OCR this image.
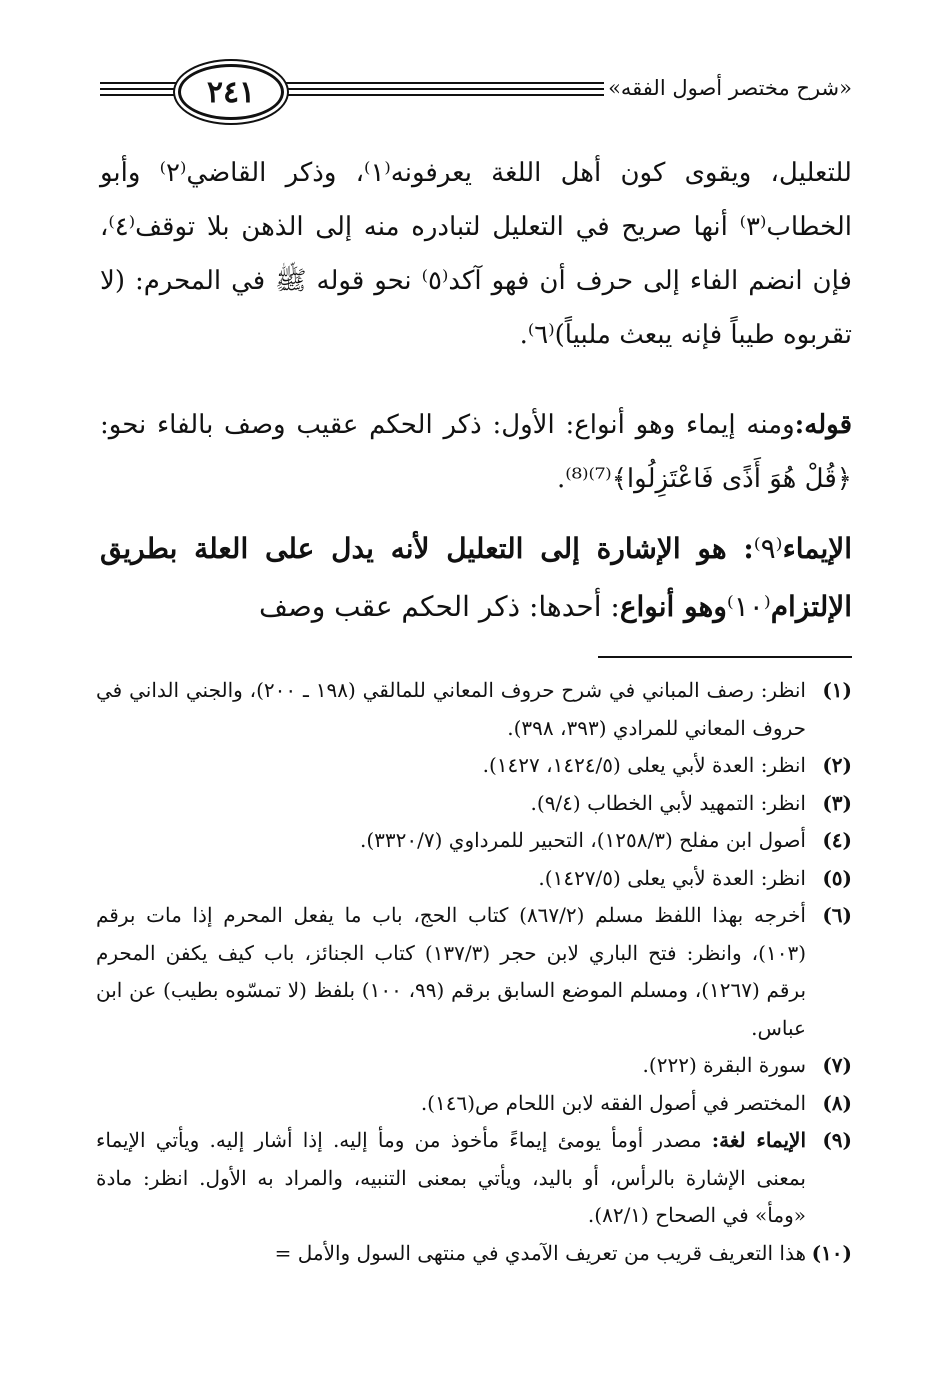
٢٤١	«شرح مختصر أصول الفقه»

للتعليل، ويقوى كون أهل اللغة يعرفونه⁽١⁾، وذكر القاضي⁽٢⁾ وأبو الخطاب⁽٣⁾ أنها صريح في التعليل لتبادره منه إلى الذهن بلا توقف⁽٤⁾، فإن انضم الفاء إلى حرف أن فهو آكد⁽٥⁾ نحو قوله ﷺ في المحرم: (لا تقربوه طيباً فإنه يبعث ملبياً)⁽٦⁾.

قوله:ومنه إيماء وهو أنواع: الأول: ذكر الحكم عقيب وصف بالفاء نحو: ﴿قُلْ هُوَ أَذًى فَاعْتَزِلُوا﴾⁽⁷⁾⁽⁸⁾.

الإيماء⁽٩⁾: هو الإشارة إلى التعليل لأنه يدل على العلة بطريق الإلتزام⁽١٠⁾وهو أنواع: أحدها: ذكر الحكم عقب وصف

(١)
انظر: رصف المباني في شرح حروف المعاني للمالقي (١٩٨ ـ ٢٠٠)، والجني الداني في حروف المعاني للمرادي (٣٩٣، ٣٩٨).
(٢)
انظر: العدة لأبي يعلى (١٤٢٤/٥، ١٤٢٧).
(٣)
انظر: التمهيد لأبي الخطاب (٩/٤).
(٤)
أصول ابن مفلح (١٢٥٨/٣)، التحبير للمرداوي (٣٣٢٠/٧).
(٥)
انظر: العدة لأبي يعلى (١٤٢٧/٥).
(٦)
أخرجه بهذا اللفظ مسلم (٨٦٧/٢) كتاب الحج، باب ما يفعل المحرم إذا مات برقم (١٠٣)، وانظر: فتح الباري لابن حجر (١٣٧/٣) كتاب الجنائز، باب كيف يكفن المحرم برقم (١٢٦٧)، ومسلم الموضع السابق برقم (٩٩، ١٠٠) بلفظ (لا تمسّوه بطيب) عن ابن عباس.
(٧)
سورة البقرة (٢٢٢).
(٨)
المختصر في أصول الفقه لابن اللحام ص(١٤٦).
(٩)
الإيماء لغة: مصدر أومأ يومئ إيماءً مأخوذ من ومأ إليه. إذا أشار إليه. ويأتي الإيماء بمعنى الإشارة بالرأس، أو باليد، ويأتي بمعنى التنبيه، والمراد به الأول. انظر: مادة «ومأ» في الصحاح (٨٢/١).
(١٠)
هذا التعريف قريب من تعريف الآمدي في منتهى السول والأمل =
